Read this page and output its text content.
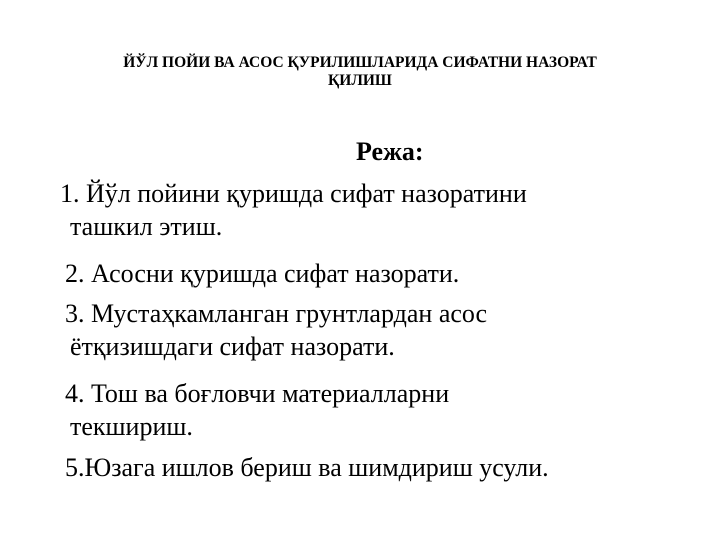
ЙЎЛ ПОЙИ ВА АСОС ҚУРИЛИШЛАРИДА СИФАТНИ НАЗОРАТ
ҚИЛИШ
Режа:
1. Йўл пойини қуришда сифат назоратини
ташкил этиш.
2. Асосни қуришда сифат назорати.
3. Мустаҳкамланган грунтлардан асос
ётқизишдаги сифат назорати.
4. Тош ва боғловчи материалларни
текшириш.
5.Юзага ишлов бериш ва шимдириш усули.
